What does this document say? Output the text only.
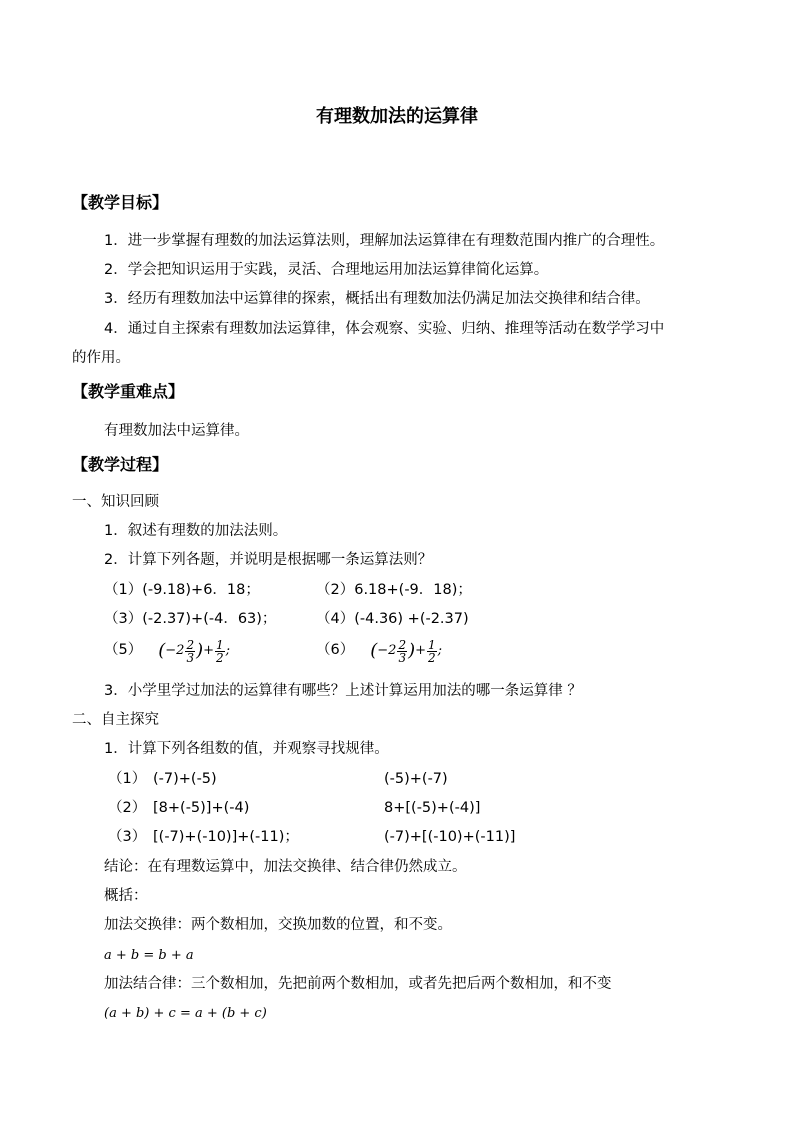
有理数加法的运算律
【教学目标】
1．进一步掌握有理数的加法运算法则，理解加法运算律在有理数范围内推广的合理性。
2．学会把知识运用于实践，灵活、合理地运用加法运算律简化运算。
3．经历有理数加法中运算律的探索，概括出有理数加法仍满足加法交换律和结合律。
4．通过自主探索有理数加法运算律，体会观察、实验、归纳、推理等活动在数学学习中
的作用。
【教学重难点】
有理数加法中运算律。
【教学过程】
一、知识回顾
1．叙述有理数的加法法则。
2．计算下列各题，并说明是根据哪一条运算法则？
（1）(-9.18)+6．18；	（2）6.18+(-9．18)；
（3）(-2.37)+(-4．63)；	（4）(-4.36) +(-2.37)
（5） ( $-2 \frac{2}{3}$ ) + $\frac{1}{2}$ ;	（6） ( $-2 \frac{2}{3}$ ) + $\frac{1}{2}$ ;
3．小学里学过加法的运算律有哪些？上述计算运用加法的哪一条运算律 ？
二、自主探究
1．计算下列各组数的值，并观察寻找规律。
（1） (-7)+(-5)	(-5)+(-7)
（2） [8+(-5)]+(-4)	8+[(-5)+(-4)]
（3） [(-7)+(-10)]+(-11)；	(-7)+[(-10)+(-11)]
结论：在有理数运算中，加法交换律、结合律仍然成立。
概括：
加法交换律：两个数相加，交换加数的位置，和不变。
a + b = b + a
加法结合律：三个数相加，先把前两个数相加，或者先把后两个数相加，和不变
(a + b) + c = a + (b + c)
